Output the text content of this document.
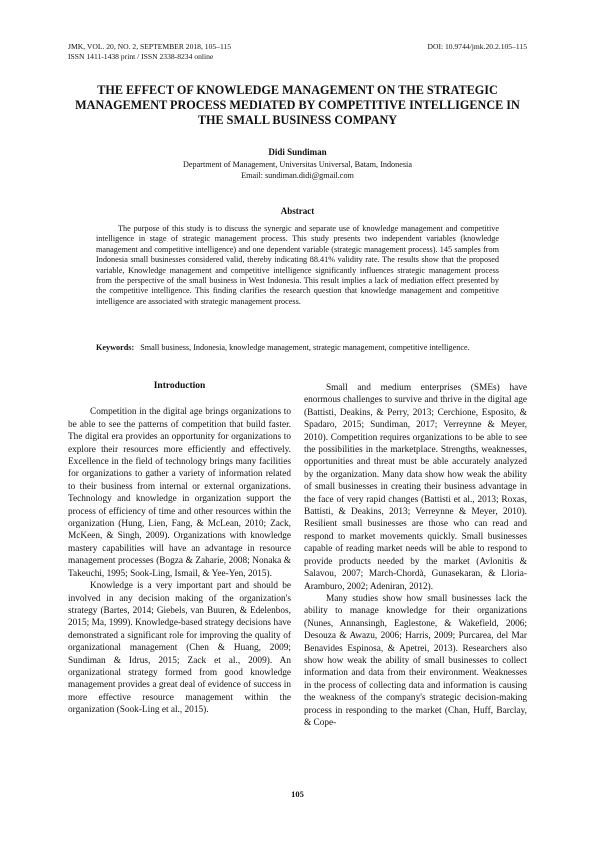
JMK, VOL. 20, NO. 2, SEPTEMBER 2018, 105–115
ISSN 1411-1438 print / ISSN 2338-8234 online
DOI: 10.9744/jmk.20.2.105–115
THE EFFECT OF KNOWLEDGE MANAGEMENT ON THE STRATEGIC MANAGEMENT PROCESS MEDIATED BY COMPETITIVE INTELLIGENCE IN THE SMALL BUSINESS COMPANY
Didi Sundiman
Department of Management, Universitas Universal, Batam, Indonesia
Email: sundiman.didi@gmail.com
Abstract

The purpose of this study is to discuss the synergic and separate use of knowledge management and competitive intelligence in stage of strategic management process. This study presents two independent variables (knowledge management and competitive intelligence) and one dependent variable (strategic management process). 145 samples from Indonesia small businesses considered valid, thereby indicating 88.41% validity rate. The results show that the proposed variable, Knowledge management and competitive intelligence significantly influences strategic management process from the perspective of the small business in West Indonesia. This result implies a lack of mediation effect presented by the competitive intelligence. This finding clarifies the research question that knowledge management and competitive intelligence are associated with strategic management process.

Keywords: Small business, Indonesia, knowledge management, strategic management, competitive intelligence.
Introduction

Competition in the digital age brings organizations to be able to see the patterns of competition that build faster. The digital era provides an opportunity for organizations to explore their resources more efficiently and effectively. Excellence in the field of technology brings many facilities for organizations to gather a variety of information related to their business from internal or external organizations. Technology and knowledge in organization support the process of efficiency of time and other resources within the organization (Hung, Lien, Fang, & McLean, 2010; Zack, McKeen, & Singh, 2009). Organizations with knowledge mastery capabilities will have an advantage in resource management processes (Bogza & Zaharie, 2008; Nonaka & Takeuchi, 1995; Sook-Ling, Ismail, & Yee-Yen, 2015).

Knowledge is a very important part and should be involved in any decision making of the organization's strategy (Bartes, 2014; Giebels, van Buuren, & Edelenbos, 2015; Ma, 1999). Knowledge-based strategy decisions have demonstrated a significant role for improving the quality of organizational management (Chen & Huang, 2009; Sundiman & Idrus, 2015; Zack et al., 2009). An organizational strategy formed from good knowledge management provides a great deal of evidence of success in more effective resource management within the organization (Sook-Ling et al., 2015).

Small and medium enterprises (SMEs) have enormous challenges to survive and thrive in the digital age (Battisti, Deakins, & Perry, 2013; Cerchione, Esposito, & Spadaro, 2015; Sundiman, 2017; Verreynne & Meyer, 2010). Competition requires organizations to be able to see the possibilities in the marketplace. Strengths, weaknesses, opportunities and threat must be able accurately analyzed by the organization. Many data show how weak the ability of small businesses in creating their business advantage in the face of very rapid changes (Battisti et al., 2013; Roxas, Battisti, & Deakins, 2013; Verreynne & Meyer, 2010). Resilient small businesses are those who can read and respond to market movements quickly. Small businesses capable of reading market needs will be able to respond to provide products needed by the market (Avlonitis & Salavou, 2007; March-Chordà, Gunasekaran, & Lloria-Aramburo, 2002; Adeniran, 2012).

Many studies show how small businesses lack the ability to manage knowledge for their organizations (Nunes, Annansingh, Eaglestone, & Wakefield, 2006; Desouza & Awazu, 2006; Harris, 2009; Purcarea, del Mar Benavides Espinosa, & Apetrei, 2013). Researchers also show how weak the ability of small businesses to collect information and data from their environment. Weaknesses in the process of collecting data and information is causing the weakness of the company's strategic decision-making process in responding to the market (Chan, Huff, Barclay, & Cope-

105
